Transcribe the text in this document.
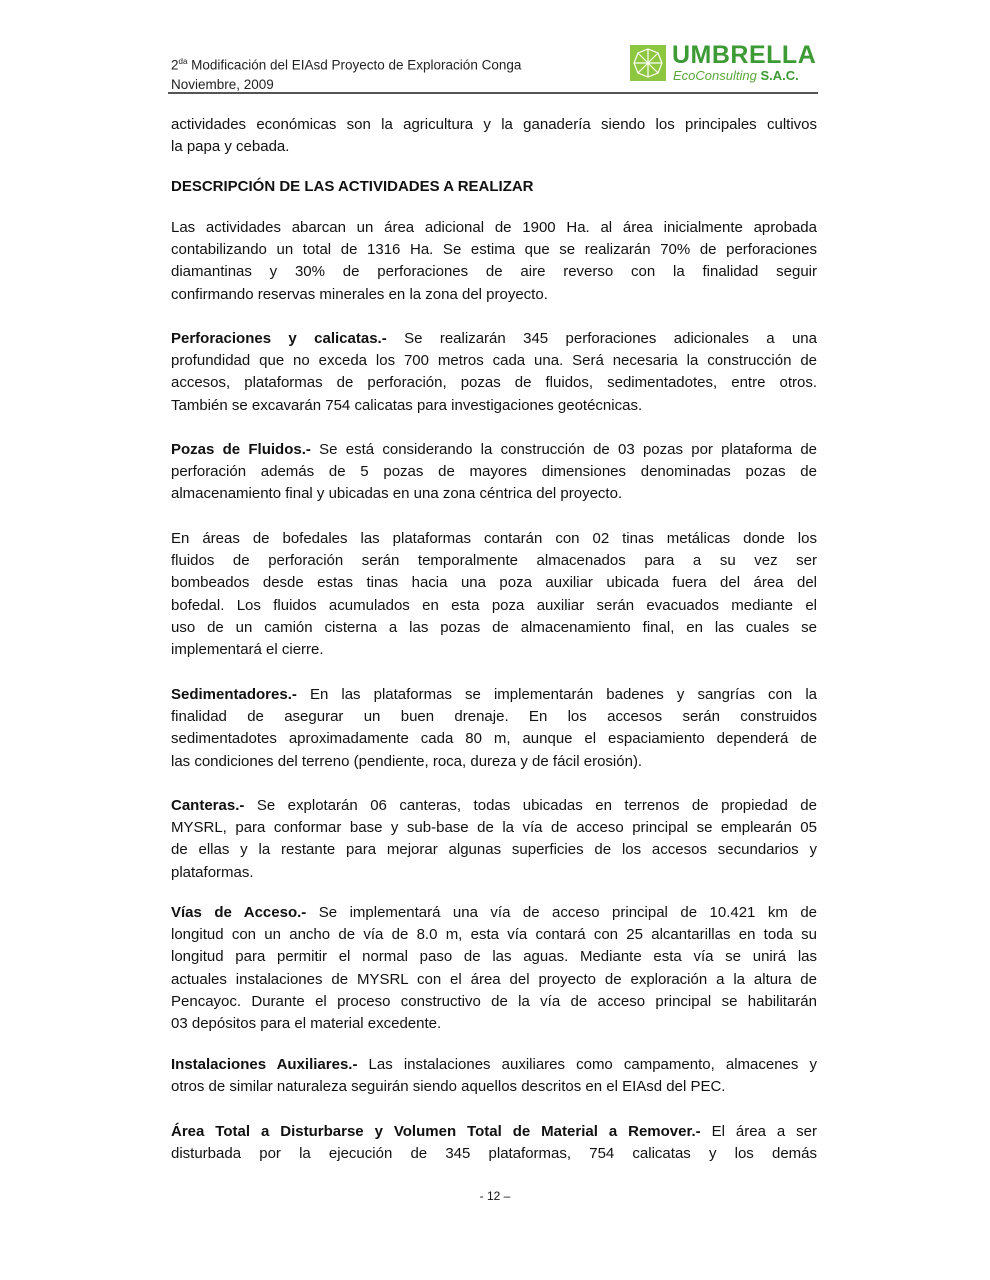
$2^{da}$ Modificación del EIAsd Proyecto de Exploración Conga
Noviembre, 2009
UMBRELLA
EcoConsulting S.A.C.
DESCRIPCIÓN DE LAS ACTIVIDADES A REALIZAR
actividades económicas son la agricultura y la ganadería siendo los principales cultivos
la papa y cebada.
Las actividades abarcan un área adicional de 1900 Ha. al área inicialmente aprobada
contabilizando un total de 1316 Ha. Se estima que se realizarán 70% de perforaciones
diamantinas y 30% de perforaciones de aire reverso con la finalidad seguir
confirmando reservas minerales en la zona del proyecto.
Perforaciones y calicatas.- Se realizarán 345 perforaciones adicionales a una
profundidad que no exceda los 700 metros cada una. Será necesaria la construcción de
accesos, plataformas de perforación, pozas de fluidos, sedimentadotes, entre otros.
También se excavarán 754 calicatas para investigaciones geotécnicas.
Pozas de Fluidos.- Se está considerando la construcción de 03 pozas por plataforma de
perforación además de 5 pozas de mayores dimensiones denominadas pozas de
almacenamiento final y ubicadas en una zona céntrica del proyecto.
En áreas de bofedales las plataformas contarán con 02 tinas metálicas donde los
fluidos de perforación serán temporalmente almacenados para a su vez ser
bombeados desde estas tinas hacia una poza auxiliar ubicada fuera del área del
bofedal. Los fluidos acumulados en esta poza auxiliar serán evacuados mediante el
uso de un camión cisterna a las pozas de almacenamiento final, en las cuales se
implementará el cierre.
Sedimentadores.- En las plataformas se implementarán badenes y sangrías con la
finalidad de asegurar un buen drenaje. En los accesos serán construidos
sedimentadotes aproximadamente cada 80 m, aunque el espaciamiento dependerá de
las condiciones del terreno (pendiente, roca, dureza y de fácil erosión).
Canteras.- Se explotarán 06 canteras, todas ubicadas en terrenos de propiedad de
MYSRL, para conformar base y sub-base de la vía de acceso principal se emplearán 05
de ellas y la restante para mejorar algunas superficies de los accesos secundarios y
plataformas.
Vías de Acceso.- Se implementará una vía de acceso principal de 10.421 km de
longitud con un ancho de vía de 8.0 m, esta vía contará con 25 alcantarillas en toda su
longitud para permitir el normal paso de las aguas. Mediante esta vía se unirá las
actuales instalaciones de MYSRL con el área del proyecto de exploración a la altura de
Pencayoc. Durante el proceso constructivo de la vía de acceso principal se habilitarán
03 depósitos para el material excedente.
Instalaciones Auxiliares.- Las instalaciones auxiliares como campamento, almacenes y
otros de similar naturaleza seguirán siendo aquellos descritos en el EIAsd del PEC.
Área Total a Disturbarse y Volumen Total de Material a Remover.- El área a ser
disturbada por la ejecución de 345 plataformas, 754 calicatas y los demás
- 12 –
